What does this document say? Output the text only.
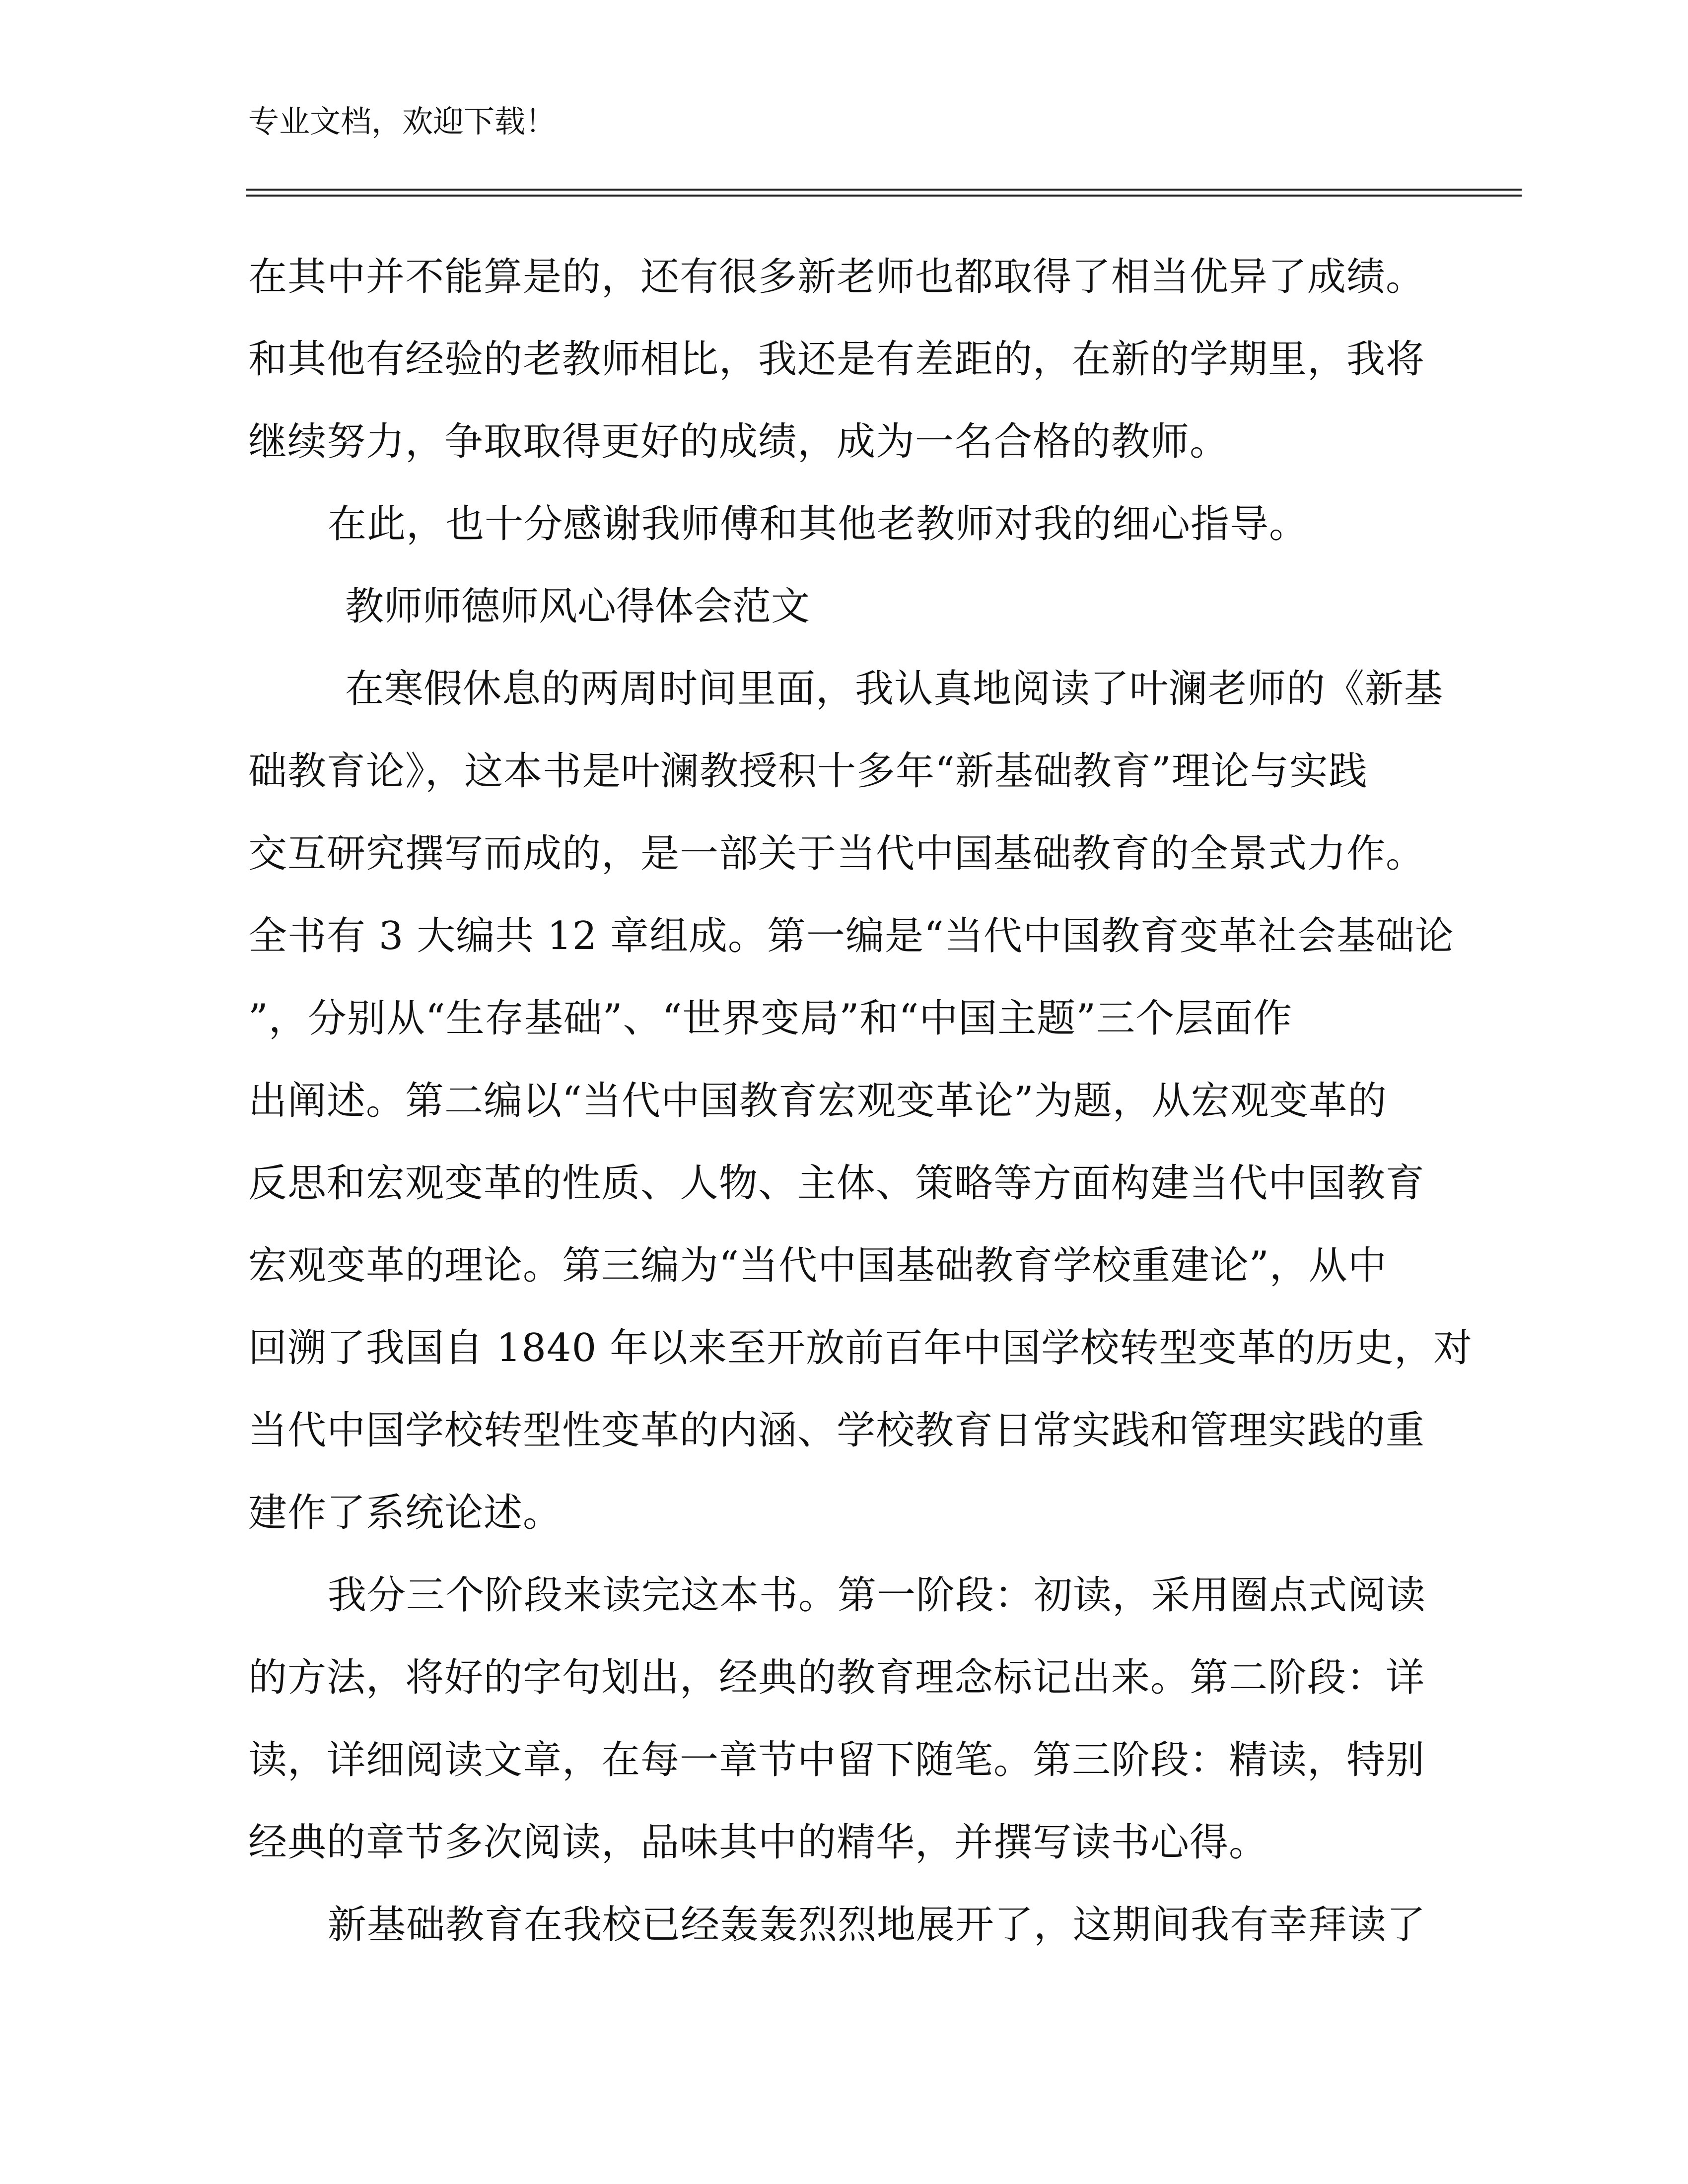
专业文档，欢迎下载！
在其中并不能算是的，还有很多新老师也都取得了相当优异了成绩。
和其他有经验的老教师相比，我还是有差距的，在新的学期里，我将
继续努力，争取取得更好的成绩，成为一名合格的教师。
在此，也十分感谢我师傅和其他老教师对我的细心指导。
教师师德师风心得体会范文
在寒假休息的两周时间里面，我认真地阅读了叶澜老师的《新基
础教育论》，这本书是叶澜教授积十多年“新基础教育”理论与实践
交互研究撰写而成的，是一部关于当代中国基础教育的全景式力作。
全书有 3 大编共 12 章组成。第一编是“当代中国教育变革社会基础论
”，分别从“生存基础”、“世界变局”和“中国主题”三个层面作
出阐述。第二编以“当代中国教育宏观变革论”为题，从宏观变革的
反思和宏观变革的性质、人物、主体、策略等方面构建当代中国教育
宏观变革的理论。第三编为“当代中国基础教育学校重建论”，从中
回溯了我国自 1840 年以来至开放前百年中国学校转型变革的历史，对
当代中国学校转型性变革的内涵、学校教育日常实践和管理实践的重
建作了系统论述。
我分三个阶段来读完这本书。第一阶段：初读，采用圈点式阅读
的方法，将好的字句划出，经典的教育理念标记出来。第二阶段：详
读，详细阅读文章，在每一章节中留下随笔。第三阶段：精读，特别
经典的章节多次阅读，品味其中的精华，并撰写读书心得。
新基础教育在我校已经轰轰烈烈地展开了，这期间我有幸拜读了
